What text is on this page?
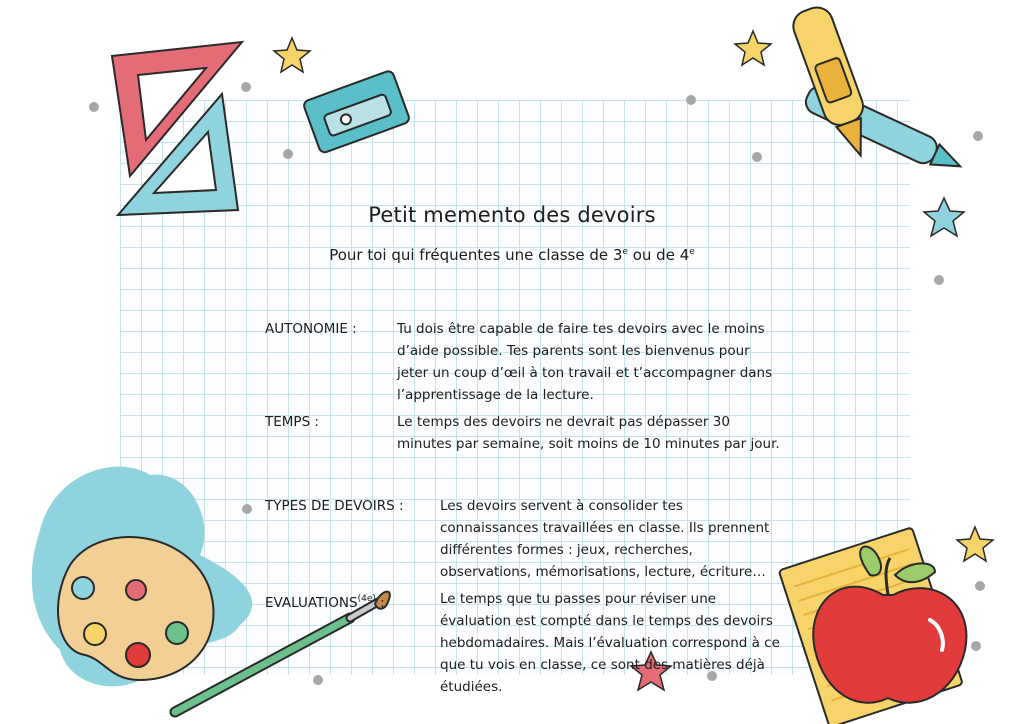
Petit memento des devoirs
Pour toi qui fréquentes une classe de 3e ou de 4e
AUTONOMIE :	Tu dois être capable de faire tes devoirs avec le moins
d’aide possible. Tes parents sont les bienvenus pour
jeter un coup d’œil à ton travail et t’accompagner dans
l’apprentissage de la lecture.
TEMPS :	Le temps des devoirs ne devrait pas dépasser 30
minutes par semaine, soit moins de 10 minutes par jour.
TYPES DE DEVOIRS :	Les devoirs servent à consolider tes
connaissances travaillées en classe. Ils prennent
différentes formes : jeux, recherches,
observations, mémorisations, lecture, écriture…
$EVALUATIONS^{(4e)}$ :	Le temps que tu passes pour réviser une
évaluation est compté dans le temps des devoirs
hebdomadaires. Mais l’évaluation correspond à ce
que tu vois en classe, ce sont des matières déjà
étudiées.
